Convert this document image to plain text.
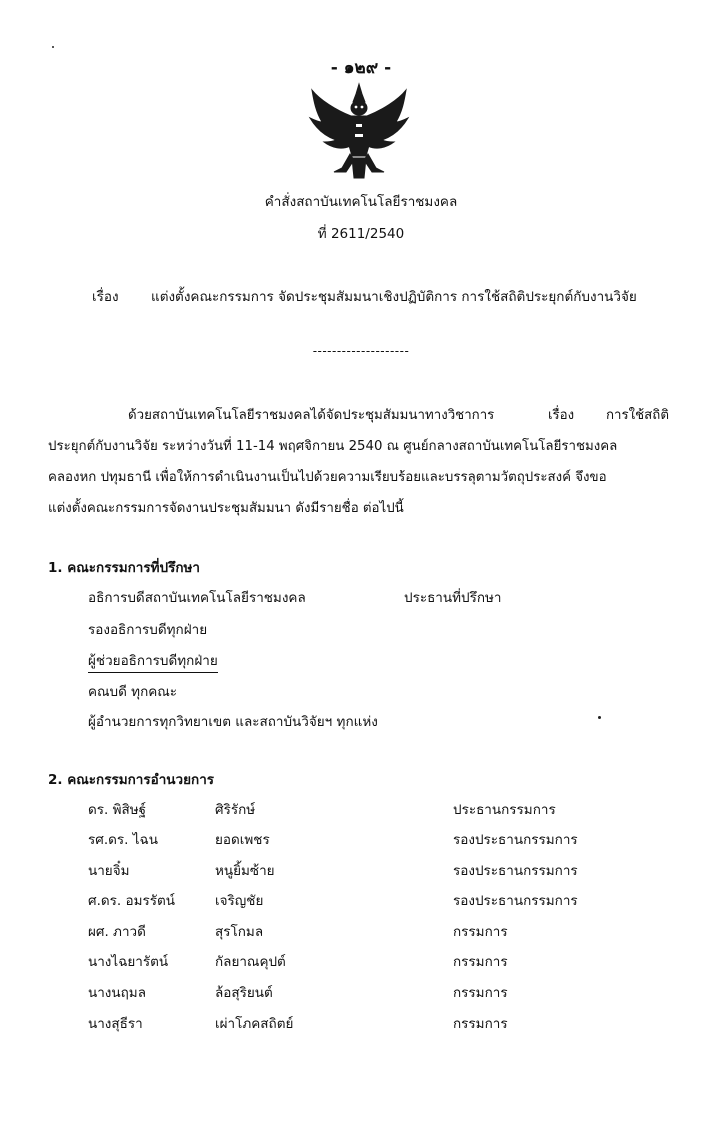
- ๑๒๙ -
คำสั่งสถาบันเทคโนโลยีราชมงคล
ที่ 2611/2540
เรื่อง แต่งตั้งคณะกรรมการ จัดประชุมสัมมนาเชิงปฏิบัติการ การใช้สถิติประยุกต์กับงานวิจัย
--------------------
ด้วยสถาบันเทคโนโลยีราชมงคลได้จัดประชุมสัมมนาทางวิชาการ	เรื่อง การใช้สถิติ
ประยุกต์กับงานวิจัย ระหว่างวันที่ 11-14 พฤศจิกายน 2540 ณ ศูนย์กลางสถาบันเทคโนโลยีราชมงคล
คลองหก ปทุมธานี เพื่อให้การดำเนินงานเป็นไปด้วยความเรียบร้อยและบรรลุตามวัตถุประสงค์ จึงขอ
แต่งตั้งคณะกรรมการจัดงานประชุมสัมมนา ดังมีรายชื่อ ต่อไปนี้
1. คณะกรรมการที่ปรึกษา
อธิการบดีสถาบันเทคโนโลยีราชมงคล	ประธานที่ปรึกษา
รองอธิการบดีทุกฝ่าย
ผู้ช่วยอธิการบดีทุกฝ่าย
คณบดี ทุกคณะ
ผู้อำนวยการทุกวิทยาเขต และสถาบันวิจัยฯ ทุกแห่ง
2. คณะกรรมการอำนวยการ
ดร. พิสิษฐ์	ศิริรักษ์	ประธานกรรมการ
รศ.ดร. ไฉน	ยอดเพชร	รองประธานกรรมการ
นายจิ๋ม	หนูยิ้มซ้าย	รองประธานกรรมการ
ศ.ดร. อมรรัตน์	เจริญชัย	รองประธานกรรมการ
ผศ. ภาวดี	สุรโกมล	กรรมการ
นางไฉยารัตน์	กัลยาณคุปต์	กรรมการ
นางนฤมล	ล้อสุริยนต์	กรรมการ
นางสุธีรา	เผ่าโภคสถิตย์	กรรมการ
